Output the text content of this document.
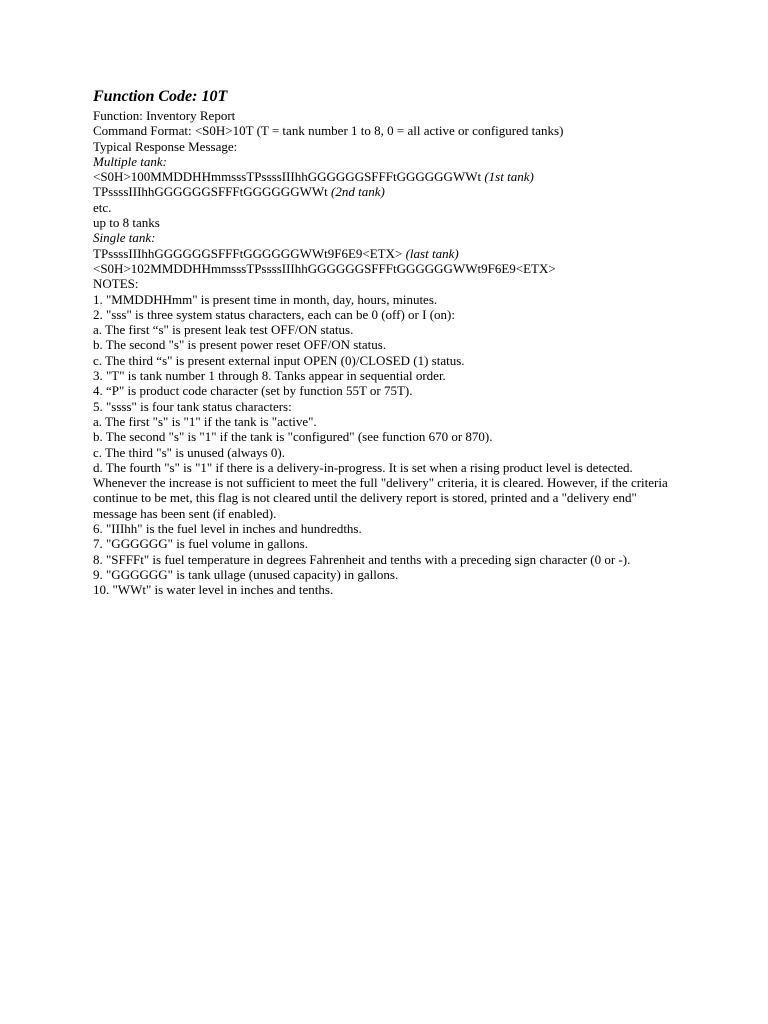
Function Code: 10T
Function: Inventory Report
Command Format: <S0H>10T (T = tank number 1 to 8, 0 = all active or configured tanks)
Typical Response Message:
Multiple tank:
<S0H>100MMDDHHmmsssTPssssIIIhhGGGGGGSFFFtGGGGGGWWt (1st tank)
TPssssIIIhhGGGGGGSFFFtGGGGGGWWt (2nd tank)
etc.
up to 8 tanks
Single tank:
TPssssIIIhhGGGGGGSFFFtGGGGGGWWt9F6E9<ETX> (last tank)
<S0H>102MMDDHHmmsssTPssssIIIhhGGGGGGSFFFtGGGGGGWWt9F6E9<ETX>
NOTES:
1. "MMDDHHmm" is present time in month, day, hours, minutes.
2. "sss" is three system status characters, each can be 0 (off) or I (on):
a. The first “s" is present leak test OFF/ON status.
b. The second "s" is present power reset OFF/ON status.
c. The third “s" is present external input OPEN (0)/CLOSED (1) status.
3. "T" is tank number 1 through 8. Tanks appear in sequential order.
4. “P" is product code character (set by function 55T or 75T).
5. "ssss" is four tank status characters:
a. The first "s" is "1" if the tank is "active".
b. The second "s" is "1" if the tank is "configured" (see function 670 or 870).
c. The third "s" is unused (always 0).
d. The fourth "s" is "1" if there is a delivery-in-progress. It is set when a rising product level is detected. Whenever the increase is not sufficient to meet the full "delivery" criteria, it is cleared. However, if the criteria continue to be met, this flag is not cleared until the delivery report is stored, printed and a "delivery end" message has been sent (if enabled).
6. "IIIhh" is the fuel level in inches and hundredths.
7. "GGGGGG" is fuel volume in gallons.
8. "SFFFt" is fuel temperature in degrees Fahrenheit and tenths with a preceding sign character (0 or -).
9. "GGGGGG" is tank ullage (unused capacity) in gallons.
10. "WWt" is water level in inches and tenths.
